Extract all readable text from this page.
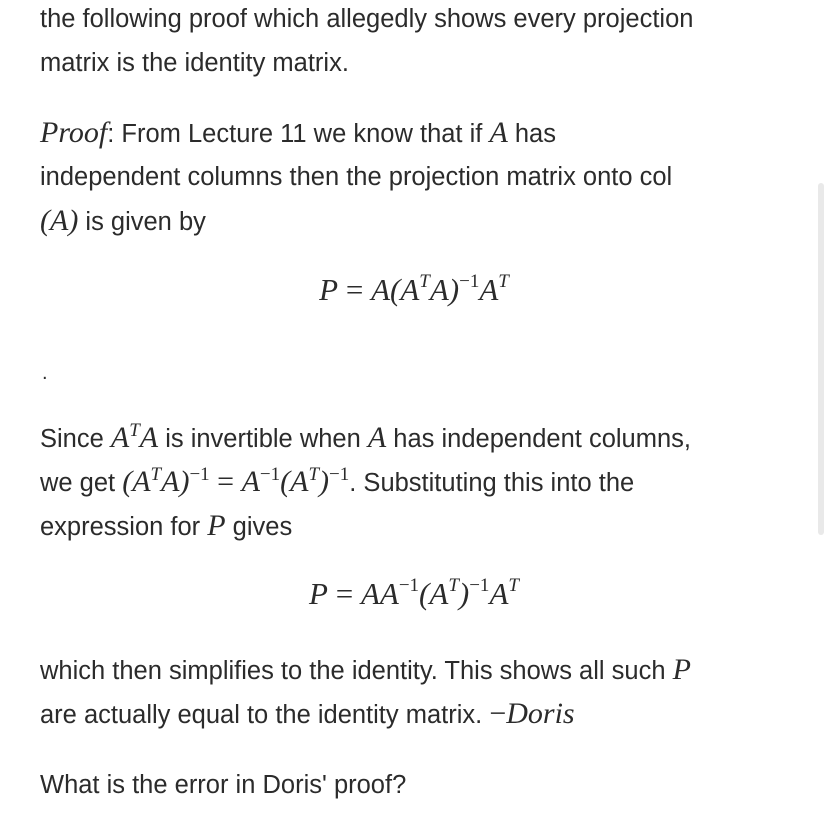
the following proof which allegedly shows every projection
matrix is the identity matrix.
Proof: From Lecture 11 we know that if A has
independent columns then the projection matrix onto col
(A) is given by
$P = A(A^TA)^{-1}A^T$
.
Since $A^TA$ is invertible when A has independent columns,
we get $(A^TA)^{-1} = A^{-1}(A^T)^{-1}$. Substituting this into the
expression for P gives
$P = AA^{-1}(A^T)^{-1}A^T$
which then simplifies to the identity. This shows all such P
are actually equal to the identity matrix. −Doris
What is the error in Doris' proof?
